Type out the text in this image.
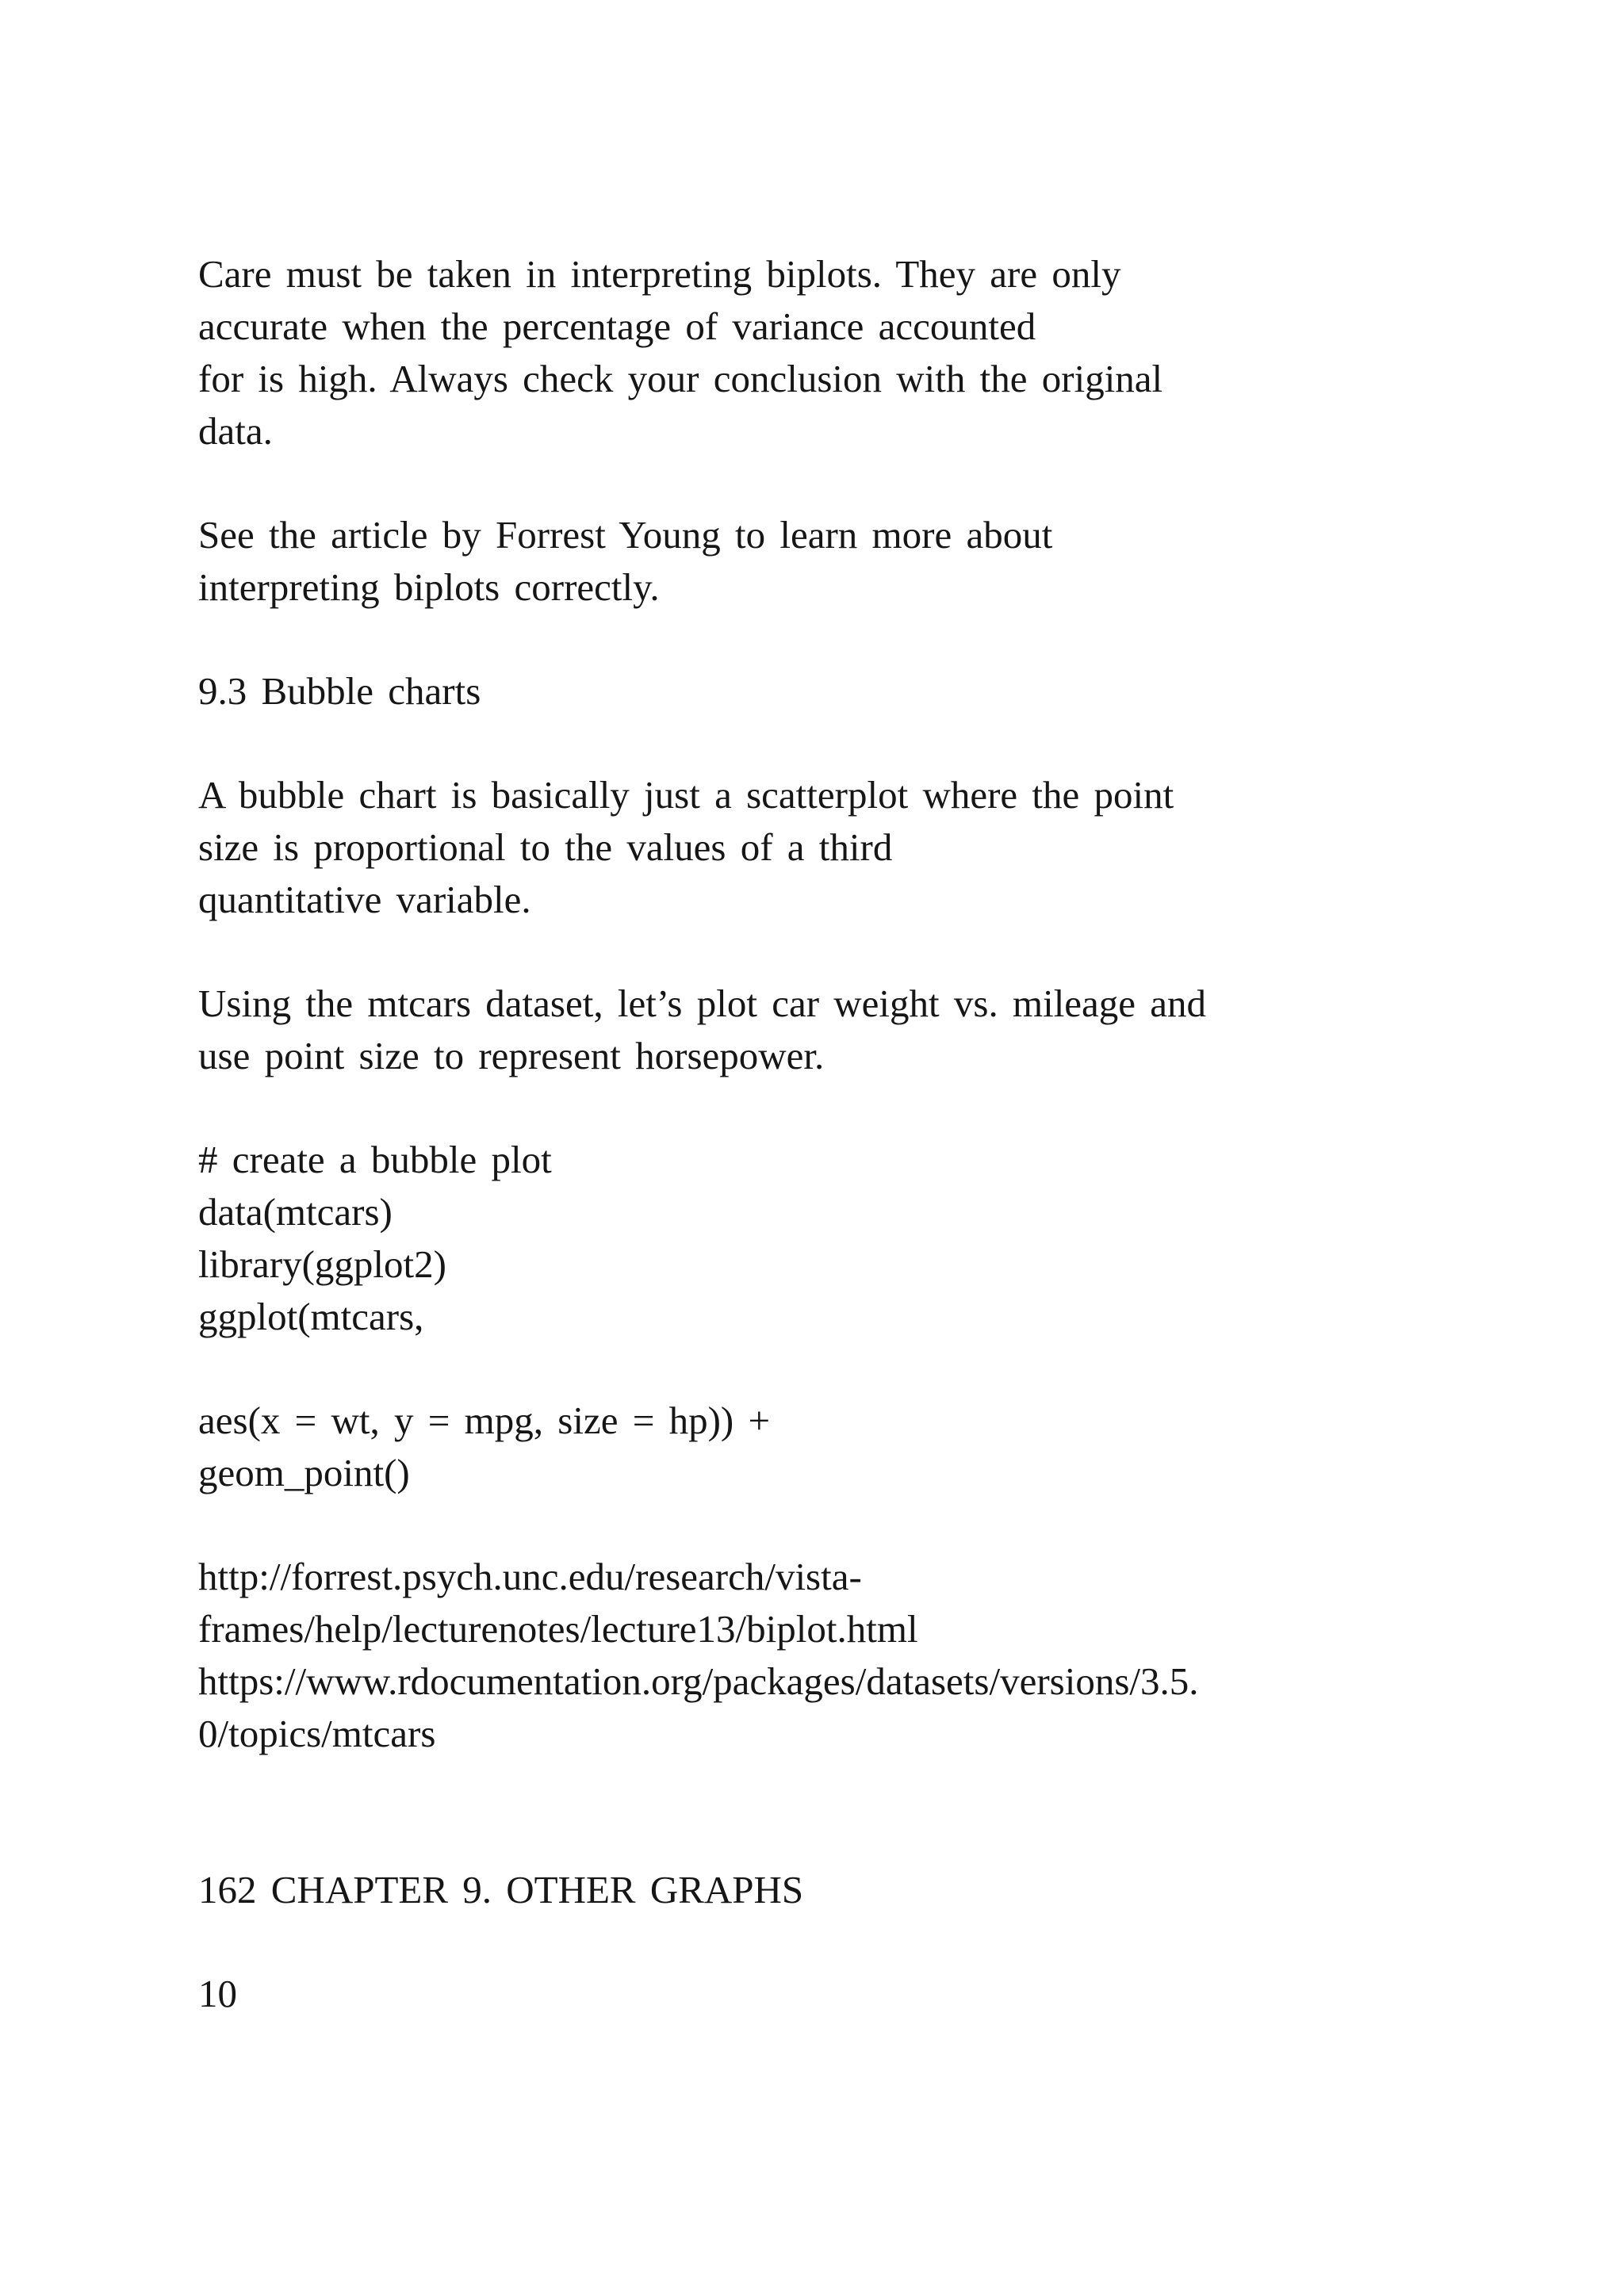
Care must be taken in interpreting biplots. They are only

accurate when the percentage of variance accounted

for is high. Always check your conclusion with the original

data.

See the article by Forrest Young to learn more about

interpreting biplots correctly.

9.3 Bubble charts

A bubble chart is basically just a scatterplot where the point

size is proportional to the values of a third

quantitative variable.

Using the mtcars dataset, let’s plot car weight vs. mileage and

use point size to represent horsepower.

# create a bubble plot

data(mtcars)

library(ggplot2)

ggplot(mtcars,

aes(x = wt, y = mpg, size = hp)) +

geom_point()

http://forrest.psych.unc.edu/research/vista-

frames/help/lecturenotes/lecture13/biplot.html

https://www.rdocumentation.org/packages/datasets/versions/3.5.

0/topics/mtcars

162 CHAPTER 9. OTHER GRAPHS

10
